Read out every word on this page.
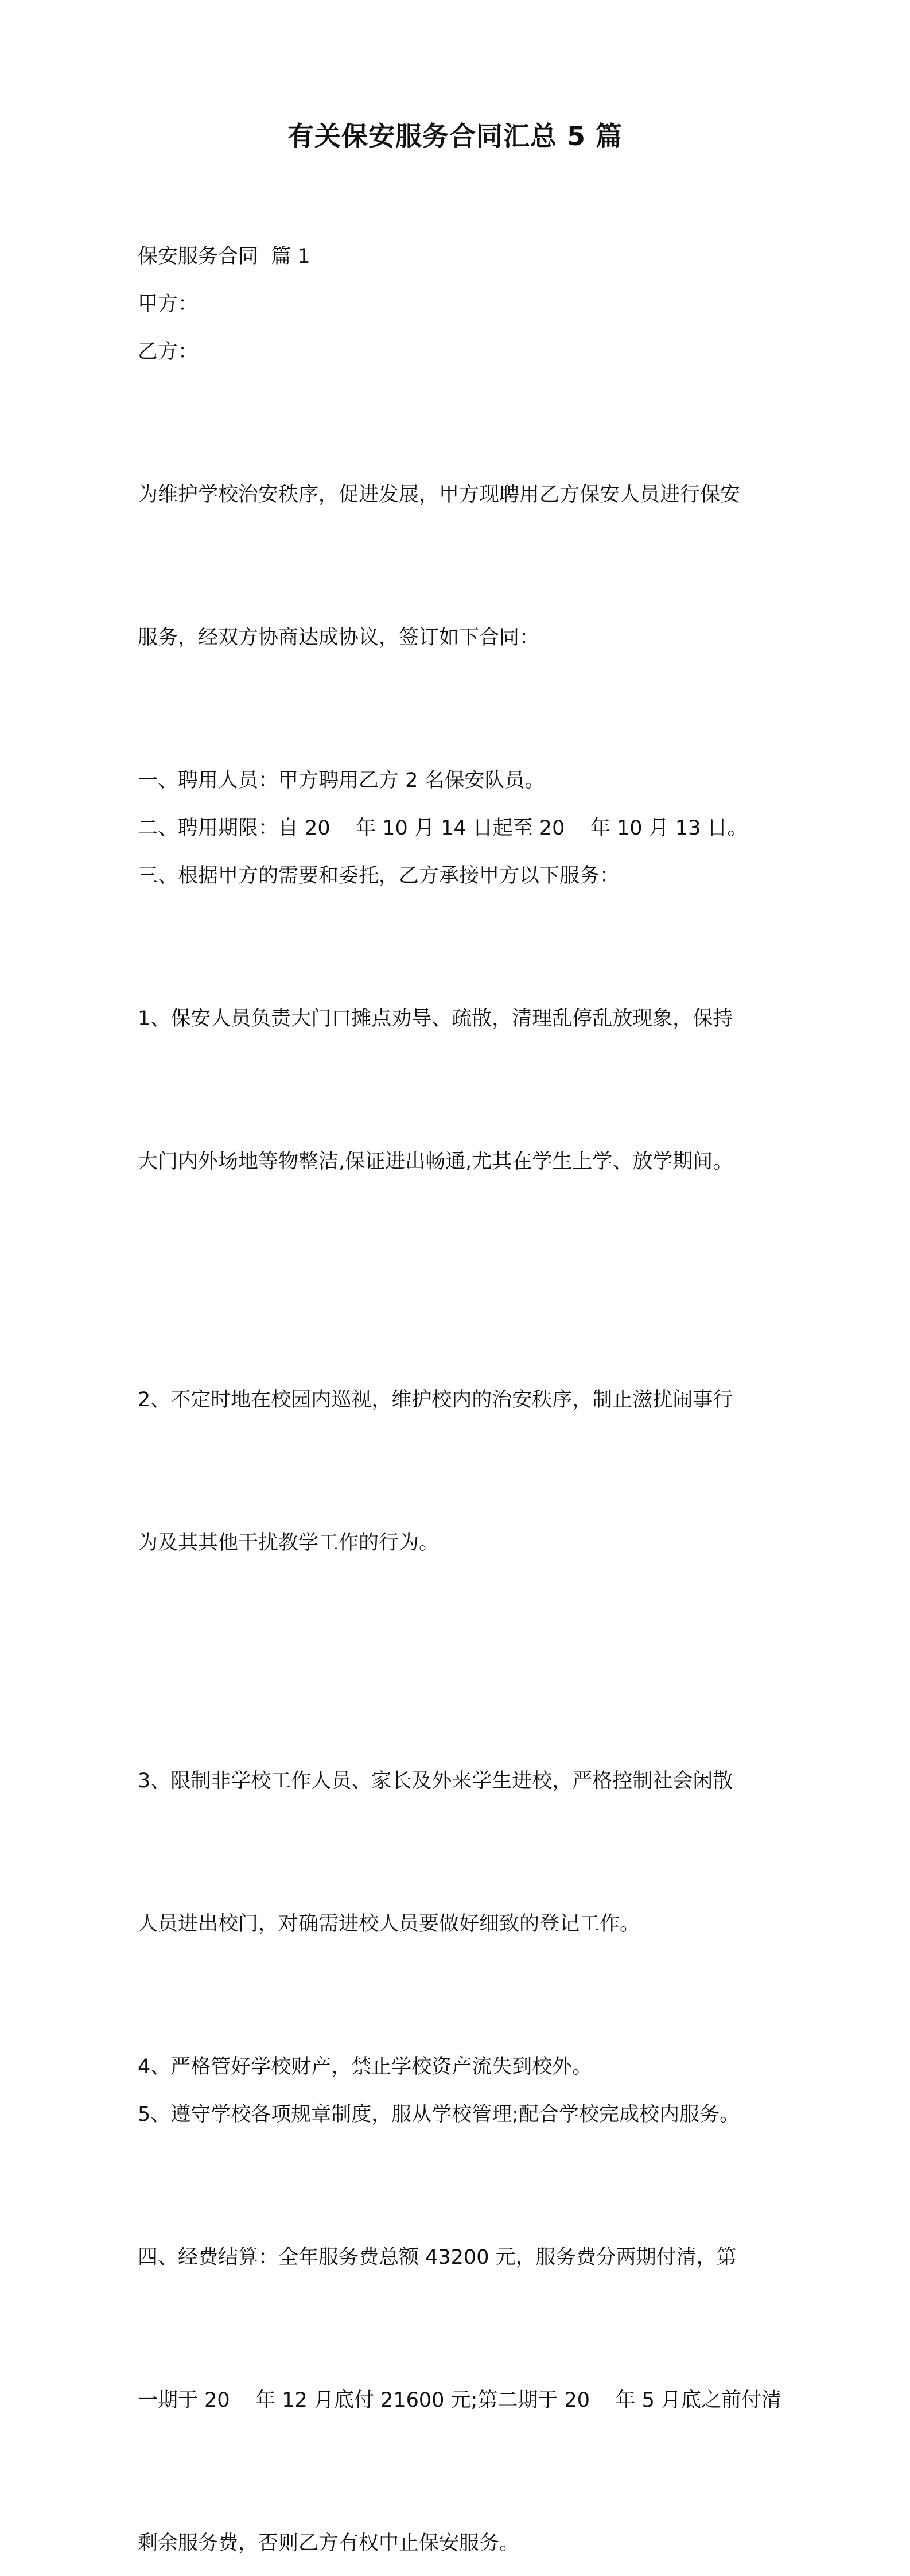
有关保安服务合同汇总 5 篇

保安服务合同  篇 1

甲方：

乙方：

为维护学校治安秩序，促进发展，甲方现聘用乙方保安人员进行保安

服务，经双方协商达成协议，签订如下合同：

一、聘用人员：甲方聘用乙方 2 名保安队员。

二、聘用期限：自 20    年 10 月 14 日起至 20    年 10 月 13 日。

三、根据甲方的需要和委托，乙方承接甲方以下服务：

1、保安人员负责大门口摊点劝导、疏散，清理乱停乱放现象，保持

大门内外场地等物整洁,保证进出畅通,尤其在学生上学、放学期间。

2、不定时地在校园内巡视，维护校内的治安秩序，制止滋扰闹事行

为及其其他干扰教学工作的行为。

3、限制非学校工作人员、家长及外来学生进校，严格控制社会闲散

人员进出校门，对确需进校人员要做好细致的登记工作。

4、严格管好学校财产，禁止学校资产流失到校外。

5、遵守学校各项规章制度，服从学校管理;配合学校完成校内服务。

四、经费结算：全年服务费总额 43200 元，服务费分两期付清，第

一期于 20    年 12 月底付 21600 元;第二期于 20    年 5 月底之前付清

剩余服务费，否则乙方有权中止保安服务。
